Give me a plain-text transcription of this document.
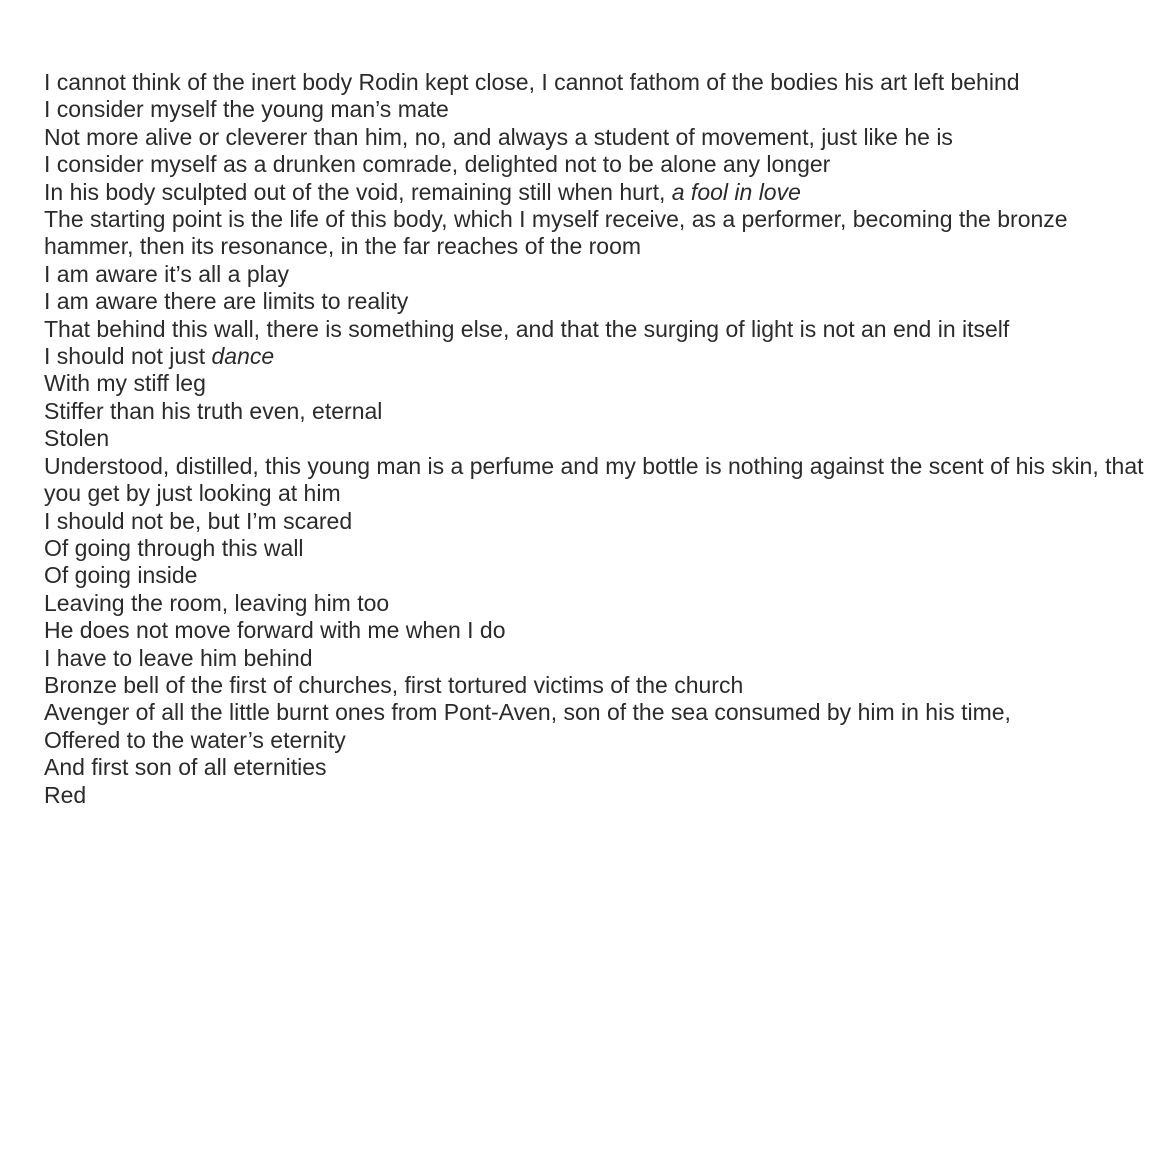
I cannot think of the inert body Rodin kept close, I cannot fathom of the bodies his art left behind
I consider myself the young man’s mate
Not more alive or cleverer than him, no, and always a student of movement, just like he is
I consider myself as a drunken comrade, delighted not to be alone any longer
In his body sculpted out of the void, remaining still when hurt, a fool in love
The starting point is the life of this body, which I myself receive, as a performer, becoming the bronze hammer, then its resonance, in the far reaches of the room
I am aware it’s all a play
I am aware there are limits to reality
That behind this wall, there is something else, and that the surging of light is not an end in itself
I should not just dance
With my stiff leg
Stiffer than his truth even, eternal
Stolen
Understood, distilled, this young man is a perfume and my bottle is nothing against the scent of his skin, that you get by just looking at him
I should not be, but I’m scared
Of going through this wall
Of going inside
Leaving the room, leaving him too
He does not move forward with me when I do
I have to leave him behind
Bronze bell of the first of churches, first tortured victims of the church
Avenger of all the little burnt ones from Pont-Aven, son of the sea consumed by him in his time,
Offered to the water’s eternity
And first son of all eternities
Red
